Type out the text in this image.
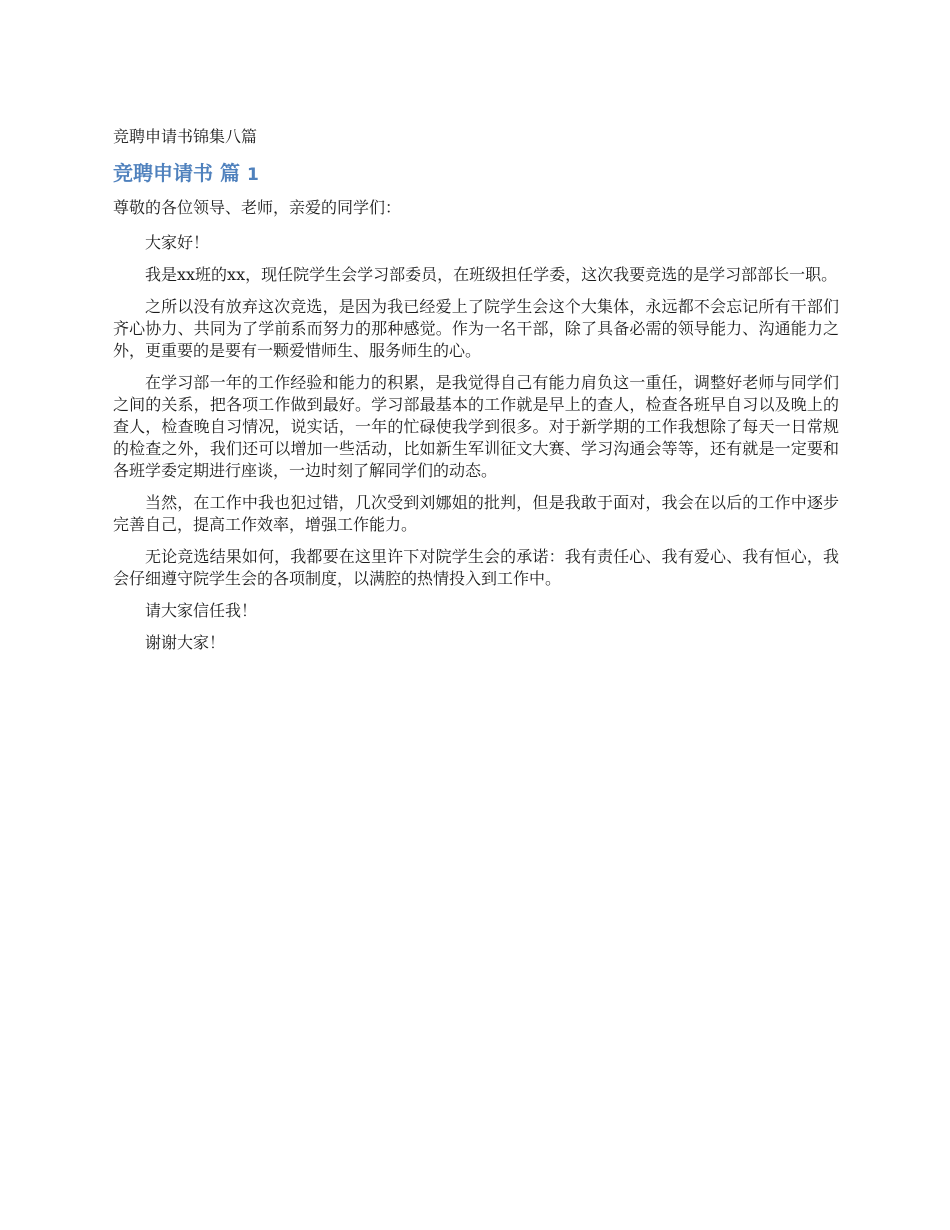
竞聘申请书锦集八篇
竞聘申请书 篇 1
尊敬的各位领导、老师，亲爱的同学们：

大家好！

我是xx班的xx，现任院学生会学习部委员，在班级担任学委，这次我要竞选的是学习部部长一职。

之所以没有放弃这次竞选，是因为我已经爱上了院学生会这个大集体，永远都不会忘记所有干部们齐心协力、共同为了学前系而努力的那种感觉。作为一名干部，除了具备必需的领导能力、沟通能力之外，更重要的是要有一颗爱惜师生、服务师生的心。

在学习部一年的工作经验和能力的积累，是我觉得自己有能力肩负这一重任，调整好老师与同学们之间的关系，把各项工作做到最好。学习部最基本的工作就是早上的查人，检查各班早自习以及晚上的查人，检查晚自习情况，说实话，一年的忙碌使我学到很多。对于新学期的工作我想除了每天一日常规的检查之外，我们还可以增加一些活动，比如新生军训征文大赛、学习沟通会等等，还有就是一定要和各班学委定期进行座谈，一边时刻了解同学们的动态。

当然，在工作中我也犯过错，几次受到刘娜姐的批判，但是我敢于面对，我会在以后的工作中逐步完善自己，提高工作效率，增强工作能力。

无论竞选结果如何，我都要在这里许下对院学生会的承诺：我有责任心、我有爱心、我有恒心，我会仔细遵守院学生会的各项制度，以满腔的热情投入到工作中。

请大家信任我！

谢谢大家！
